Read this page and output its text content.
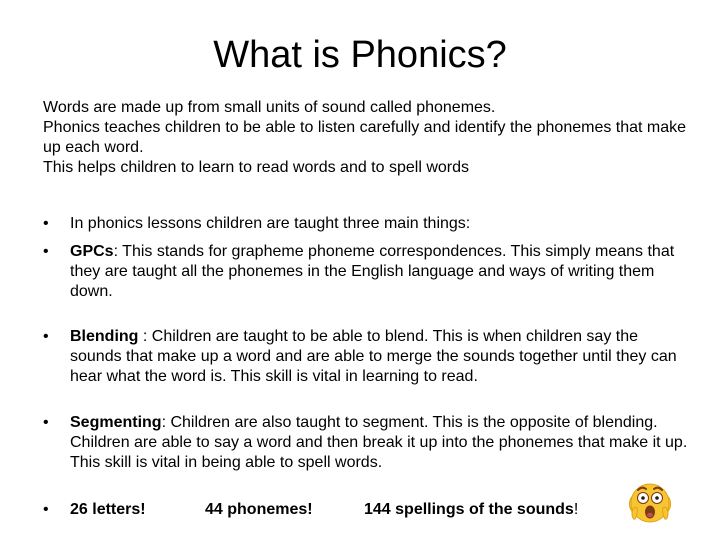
What is Phonics?

Words are made up from small units of sound called phonemes.

Phonics teaches children to be able to listen carefully and identify the phonemes that make up each word.

This helps children to learn to read words and to spell words

•	In phonics lessons children are taught three main things:
•	GPCs: This stands for grapheme phoneme correspondences. This simply means that they are taught all the phonemes in the English language and ways of writing them down.
•	Blending : Children are taught to be able to blend. This is when children say the sounds that make up a word and are able to merge the sounds together until they can hear what the word is. This skill is vital in learning to read.
•	Segmenting: Children are also taught to segment. This is the opposite of blending. Children are able to say a word and then break it up into the phonemes that make it up. This skill is vital in being able to spell words.
• 26 letters!	44 phonemes!	144 spellings of the sounds!
